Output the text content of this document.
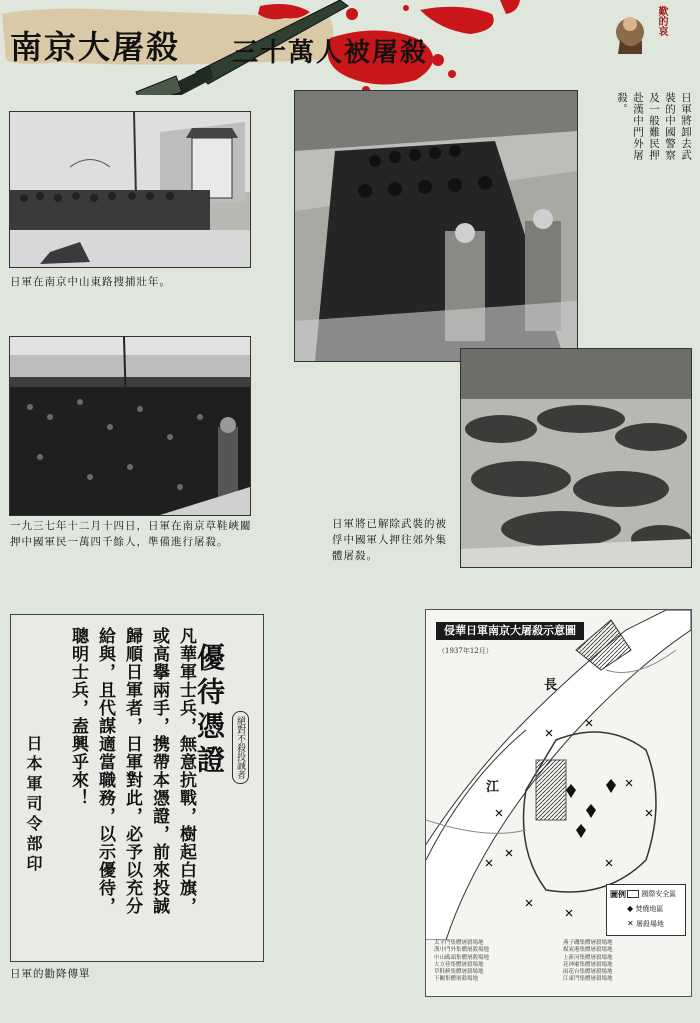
南京大屠殺 三十萬人被屠殺
歎的哀
日軍在南京中山東路搜捕壯年。
日軍將卸去武裝的中國警察及一般難民押赴漢中門外屠殺。
一九三七年十二月十四日，日軍在南京草鞋峽關押中國軍民一萬四千餘人，準備進行屠殺。
日軍將已解除武裝的被俘中國軍人押往郊外集體屠殺。
優待憑證	絕對不殺投誠者
凡華軍士兵，無意抗戰，樹起白旗，或高擧兩手，携帶本憑證，前來投誠歸順日軍者，日軍對此，必予以充分給與，且代謀適當職務，以示優待，聰明士兵，盍興乎來！
日本軍司令部印
日軍的勸降傳單
侵華日軍南京大屠殺示意圖
（1937年12月）
長
江
圖例	國際安全區
◆ 焚燒地區
✕ 屠殺場地
太平門集體屠殺場地
漢中門外集體屠殺場地
中山碼頭集體屠殺場地
大方巷集體屠殺場地
草鞋峽集體屠殺場地
下關集體屠殺場地
燕子磯集體屠殺場地
煤炭港集體屠殺場地
上新河集體屠殺場地
花神廟集體屠殺場地
雨花台集體屠殺場地
江東門集體屠殺場地
